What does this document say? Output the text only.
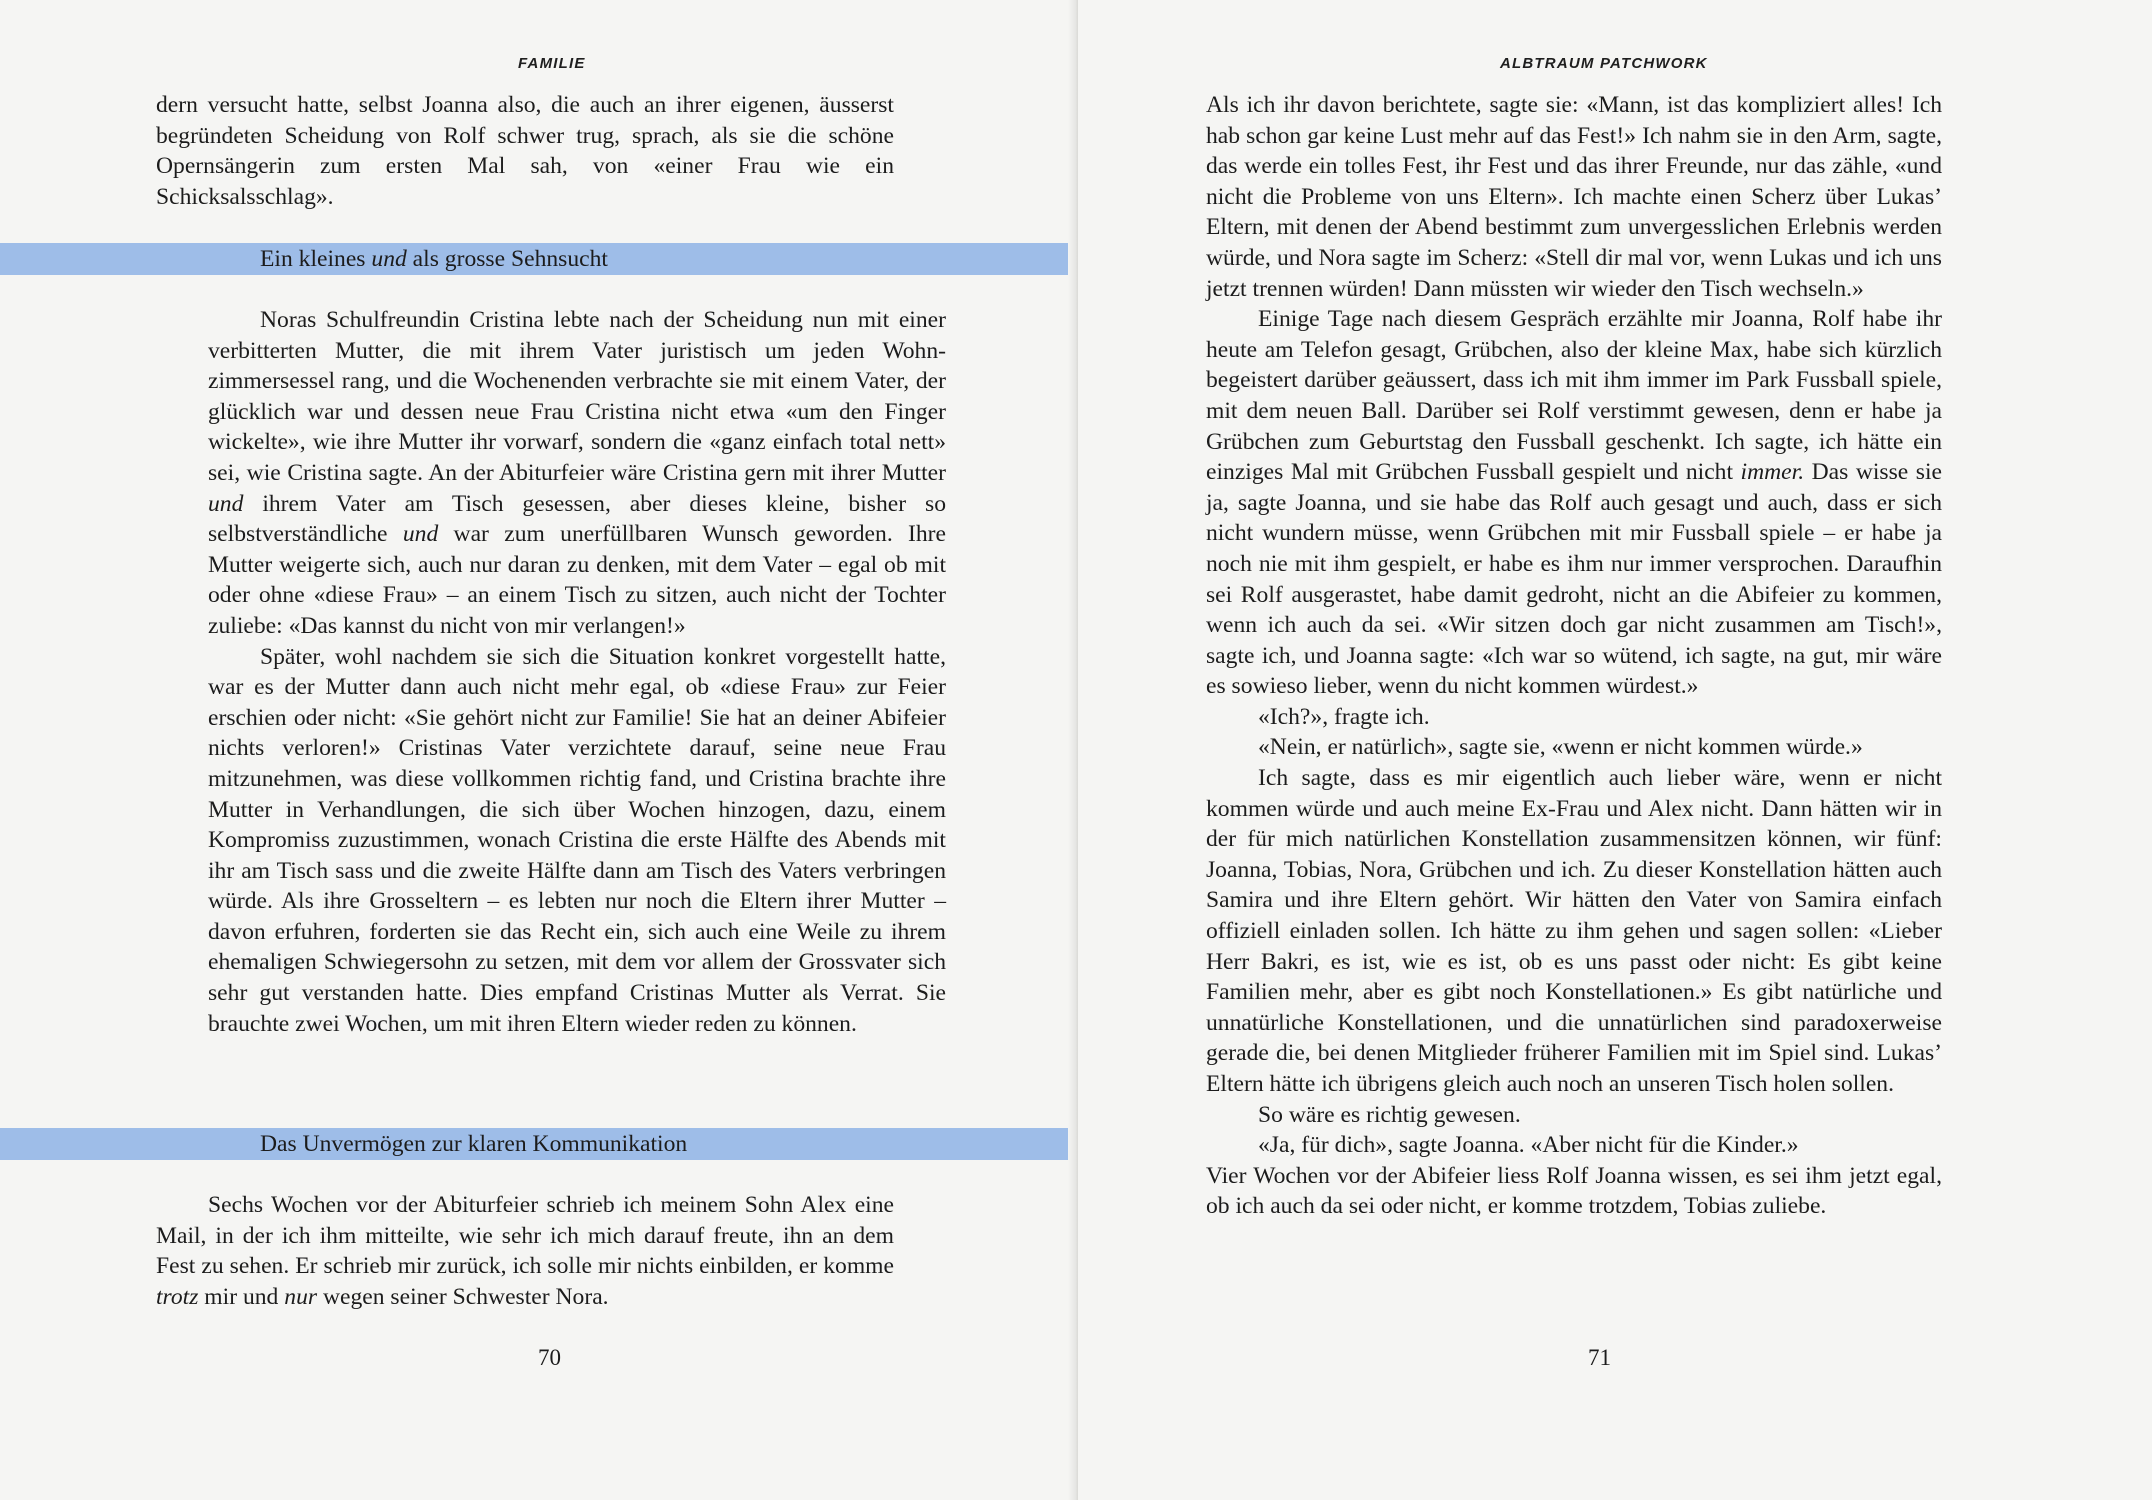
FAMILIE

dern versucht hatte, selbst Joanna also, die auch an ihrer eigenen, äusserst begründeten Scheidung von Rolf schwer trug, sprach, als sie die schöne Opernsängerin zum ersten Mal sah, von «einer Frau wie ein Schicksalsschlag».

Ein kleines und als grosse Sehnsucht

Noras Schulfreundin Cristina lebte nach der Scheidung nun mit einer verbitterten Mutter, die mit ihrem Vater juristisch um jeden Wohnzimmersessel rang, und die Wochenenden verbrachte sie mit einem Vater, der glücklich war und dessen neue Frau Cristina nicht etwa «um den Finger wickelte», wie ihre Mutter ihr vorwarf, sondern die «ganz einfach total nett» sei, wie Cristina sagte. An der Abiturfeier wäre Cristina gern mit ihrer Mutter und ihrem Vater am Tisch gesessen, aber dieses kleine, bisher so selbstverständliche und war zum unerfüllbaren Wunsch geworden. Ihre Mutter weigerte sich, auch nur daran zu denken, mit dem Vater – egal ob mit oder ohne «diese Frau» – an einem Tisch zu sitzen, auch nicht der Tochter zuliebe: «Das kannst du nicht von mir verlangen!»

Später, wohl nachdem sie sich die Situation konkret vorgestellt hatte, war es der Mutter dann auch nicht mehr egal, ob «diese Frau» zur Feier erschien oder nicht: «Sie gehört nicht zur Familie! Sie hat an deiner Abifeier nichts verloren!» Cristinas Vater verzichtete darauf, seine neue Frau mitzunehmen, was diese vollkommen richtig fand, und Cristina brachte ihre Mutter in Verhandlungen, die sich über Wochen hinzogen, dazu, einem Kompromiss zuzustimmen, wonach Cristina die erste Hälfte des Abends mit ihr am Tisch sass und die zweite Hälfte dann am Tisch des Vaters verbringen würde. Als ihre Grosseltern – es lebten nur noch die Eltern ihrer Mutter – davon erfuhren, forderten sie das Recht ein, sich auch eine Weile zu ihrem ehemaligen Schwiegersohn zu setzen, mit dem vor allem der Grossvater sich sehr gut verstanden hatte. Dies empfand Cristinas Mutter als Verrat. Sie brauchte zwei Wochen, um mit ihren Eltern wieder reden zu können.

Das Unvermögen zur klaren Kommunikation

Sechs Wochen vor der Abiturfeier schrieb ich meinem Sohn Alex eine Mail, in der ich ihm mitteilte, wie sehr ich mich darauf freute, ihn an dem Fest zu sehen. Er schrieb mir zurück, ich solle mir nichts einbilden, er komme trotz mir und nur wegen seiner Schwester Nora.

70
ALBTRAUM PATCHWORK

Als ich ihr davon berichtete, sagte sie: «Mann, ist das kompliziert alles! Ich hab schon gar keine Lust mehr auf das Fest!» Ich nahm sie in den Arm, sagte, das werde ein tolles Fest, ihr Fest und das ihrer Freunde, nur das zähle, «und nicht die Probleme von uns Eltern». Ich machte einen Scherz über Lukas’ Eltern, mit denen der Abend bestimmt zum unvergesslichen Erlebnis werden würde, und Nora sagte im Scherz: «Stell dir mal vor, wenn Lukas und ich uns jetzt trennen würden! Dann müssten wir wieder den Tisch wechseln.»

Einige Tage nach diesem Gespräch erzählte mir Joanna, Rolf habe ihr heute am Telefon gesagt, Grübchen, also der kleine Max, habe sich kürzlich begeistert darüber geäussert, dass ich mit ihm immer im Park Fussball spiele, mit dem neuen Ball. Darüber sei Rolf verstimmt gewesen, denn er habe ja Grübchen zum Geburtstag den Fussball geschenkt. Ich sagte, ich hätte ein einziges Mal mit Grübchen Fussball gespielt und nicht immer. Das wisse sie ja, sagte Joanna, und sie habe das Rolf auch gesagt und auch, dass er sich nicht wundern müsse, wenn Grübchen mit mir Fussball spiele – er habe ja noch nie mit ihm gespielt, er habe es ihm nur immer versprochen. Daraufhin sei Rolf ausgerastet, habe damit gedroht, nicht an die Abifeier zu kommen, wenn ich auch da sei. «Wir sitzen doch gar nicht zusammen am Tisch!», sagte ich, und Joanna sagte: «Ich war so wütend, ich sagte, na gut, mir wäre es sowieso lieber, wenn du nicht kommen würdest.»

«Ich?», fragte ich.

«Nein, er natürlich», sagte sie, «wenn er nicht kommen würde.»

Ich sagte, dass es mir eigentlich auch lieber wäre, wenn er nicht kommen würde und auch meine Ex-Frau und Alex nicht. Dann hätten wir in der für mich natürlichen Konstellation zusammensitzen können, wir fünf: Joanna, Tobias, Nora, Grübchen und ich. Zu dieser Konstellation hätten auch Samira und ihre Eltern gehört. Wir hätten den Vater von Samira einfach offiziell einladen sollen. Ich hätte zu ihm gehen und sagen sollen: «Lieber Herr Bakri, es ist, wie es ist, ob es uns passt oder nicht: Es gibt keine Familien mehr, aber es gibt noch Konstellationen.» Es gibt natürliche und unnatürliche Konstellationen, und die unnatürlichen sind paradoxerweise gerade die, bei denen Mitglieder früherer Familien mit im Spiel sind. Lukas’ Eltern hätte ich übrigens gleich auch noch an unseren Tisch holen sollen.

So wäre es richtig gewesen.

«Ja, für dich», sagte Joanna. «Aber nicht für die Kinder.»

Vier Wochen vor der Abifeier liess Rolf Joanna wissen, es sei ihm jetzt egal, ob ich auch da sei oder nicht, er komme trotzdem, Tobias zuliebe.

71
